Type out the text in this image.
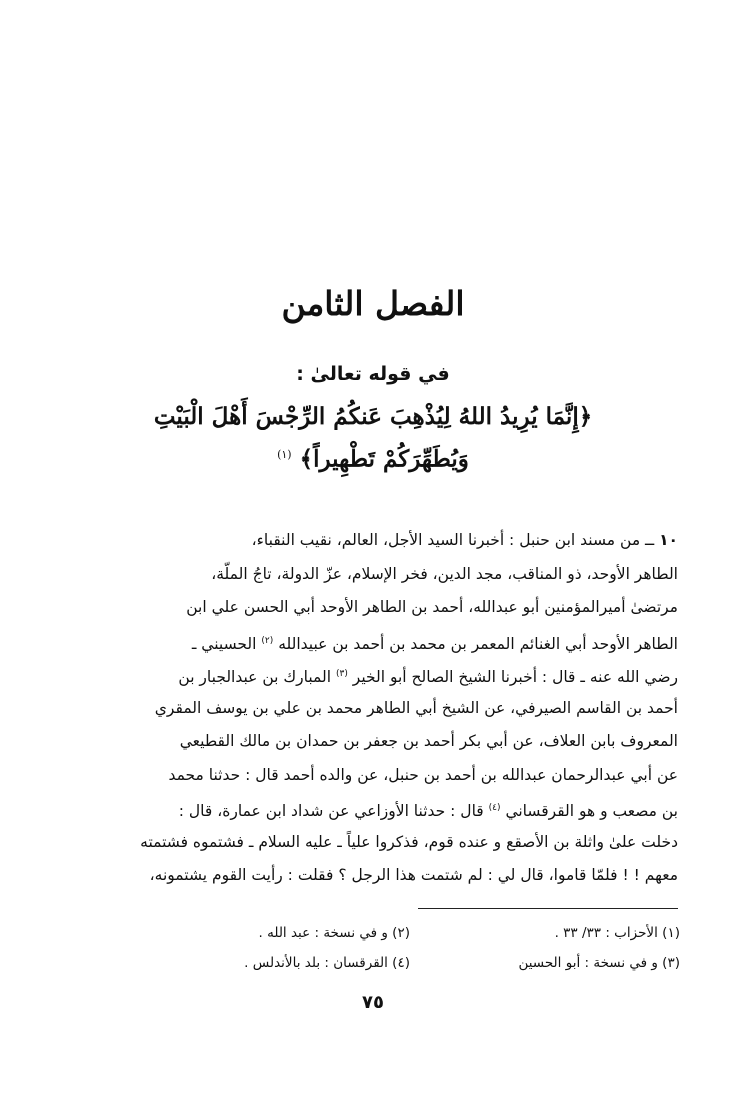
الفصل الثامن
في قوله تعالىٰ :
﴿إِنَّمَا يُرِيدُ اللهُ لِيُذْهِبَ عَنكُمُ الرِّجْسَ أَهْلَ الْبَيْتِ
وَيُطَهِّرَكُمْ تَطْهِيراً﴾ $^{(١)}$
١٠ ــ من مسند ابن حنبل : أخبرنا السيد الأجل، العالم، نقيب النقباء،
الطاهر الأوحد، ذو المناقب، مجد الدين، فخر الإسلام، عزّ الدولة، تاجُ الملّة،
مرتضىٰ أميرالمؤمنين أبو عبدالله، أحمد بن الطاهر الأوحد أبي الحسن علي ابن
الطاهر الأوحد أبي الغنائم المعمر بن محمد بن أحمد بن عبيدالله $^{(٢)}$ الحسيني ـ
رضي الله عنه ـ قال : أخبرنا الشيخ الصالح أبو الخير $^{(٣)}$ المبارك بن عبدالجبار بن
أحمد بن القاسم الصيرفي، عن الشيخ أبي الطاهر محمد بن علي بن يوسف المقري
المعروف بابن العلاف، عن أبي بكر أحمد بن جعفر بن حمدان بن مالك القطيعي
عن أبي عبدالرحمان عبدالله بن أحمد بن حنبل، عن والده أحمد قال : حدثنا محمد
بن مصعب و هو القرقساني $^{(٤)}$ قال : حدثنا الأوزاعي عن شداد ابن عمارة، قال :
دخلت علىٰ واثلة بن الأصقع و عنده قوم، فذكروا علياً ـ عليه السلام ـ فشتموه فشتمته
معهم ! ! فلمّا قاموا، قال لي : لم شتمت هذا الرجل ؟ فقلت : رأيت القوم يشتمونه،
(١) الأحزاب : ٣٣/ ٣٣ .
(٢) و في نسخة : عبد الله .
(٣) و في نسخة : أبو الحسين
(٤) القرقسان : بلد بالأندلس .
٧٥
